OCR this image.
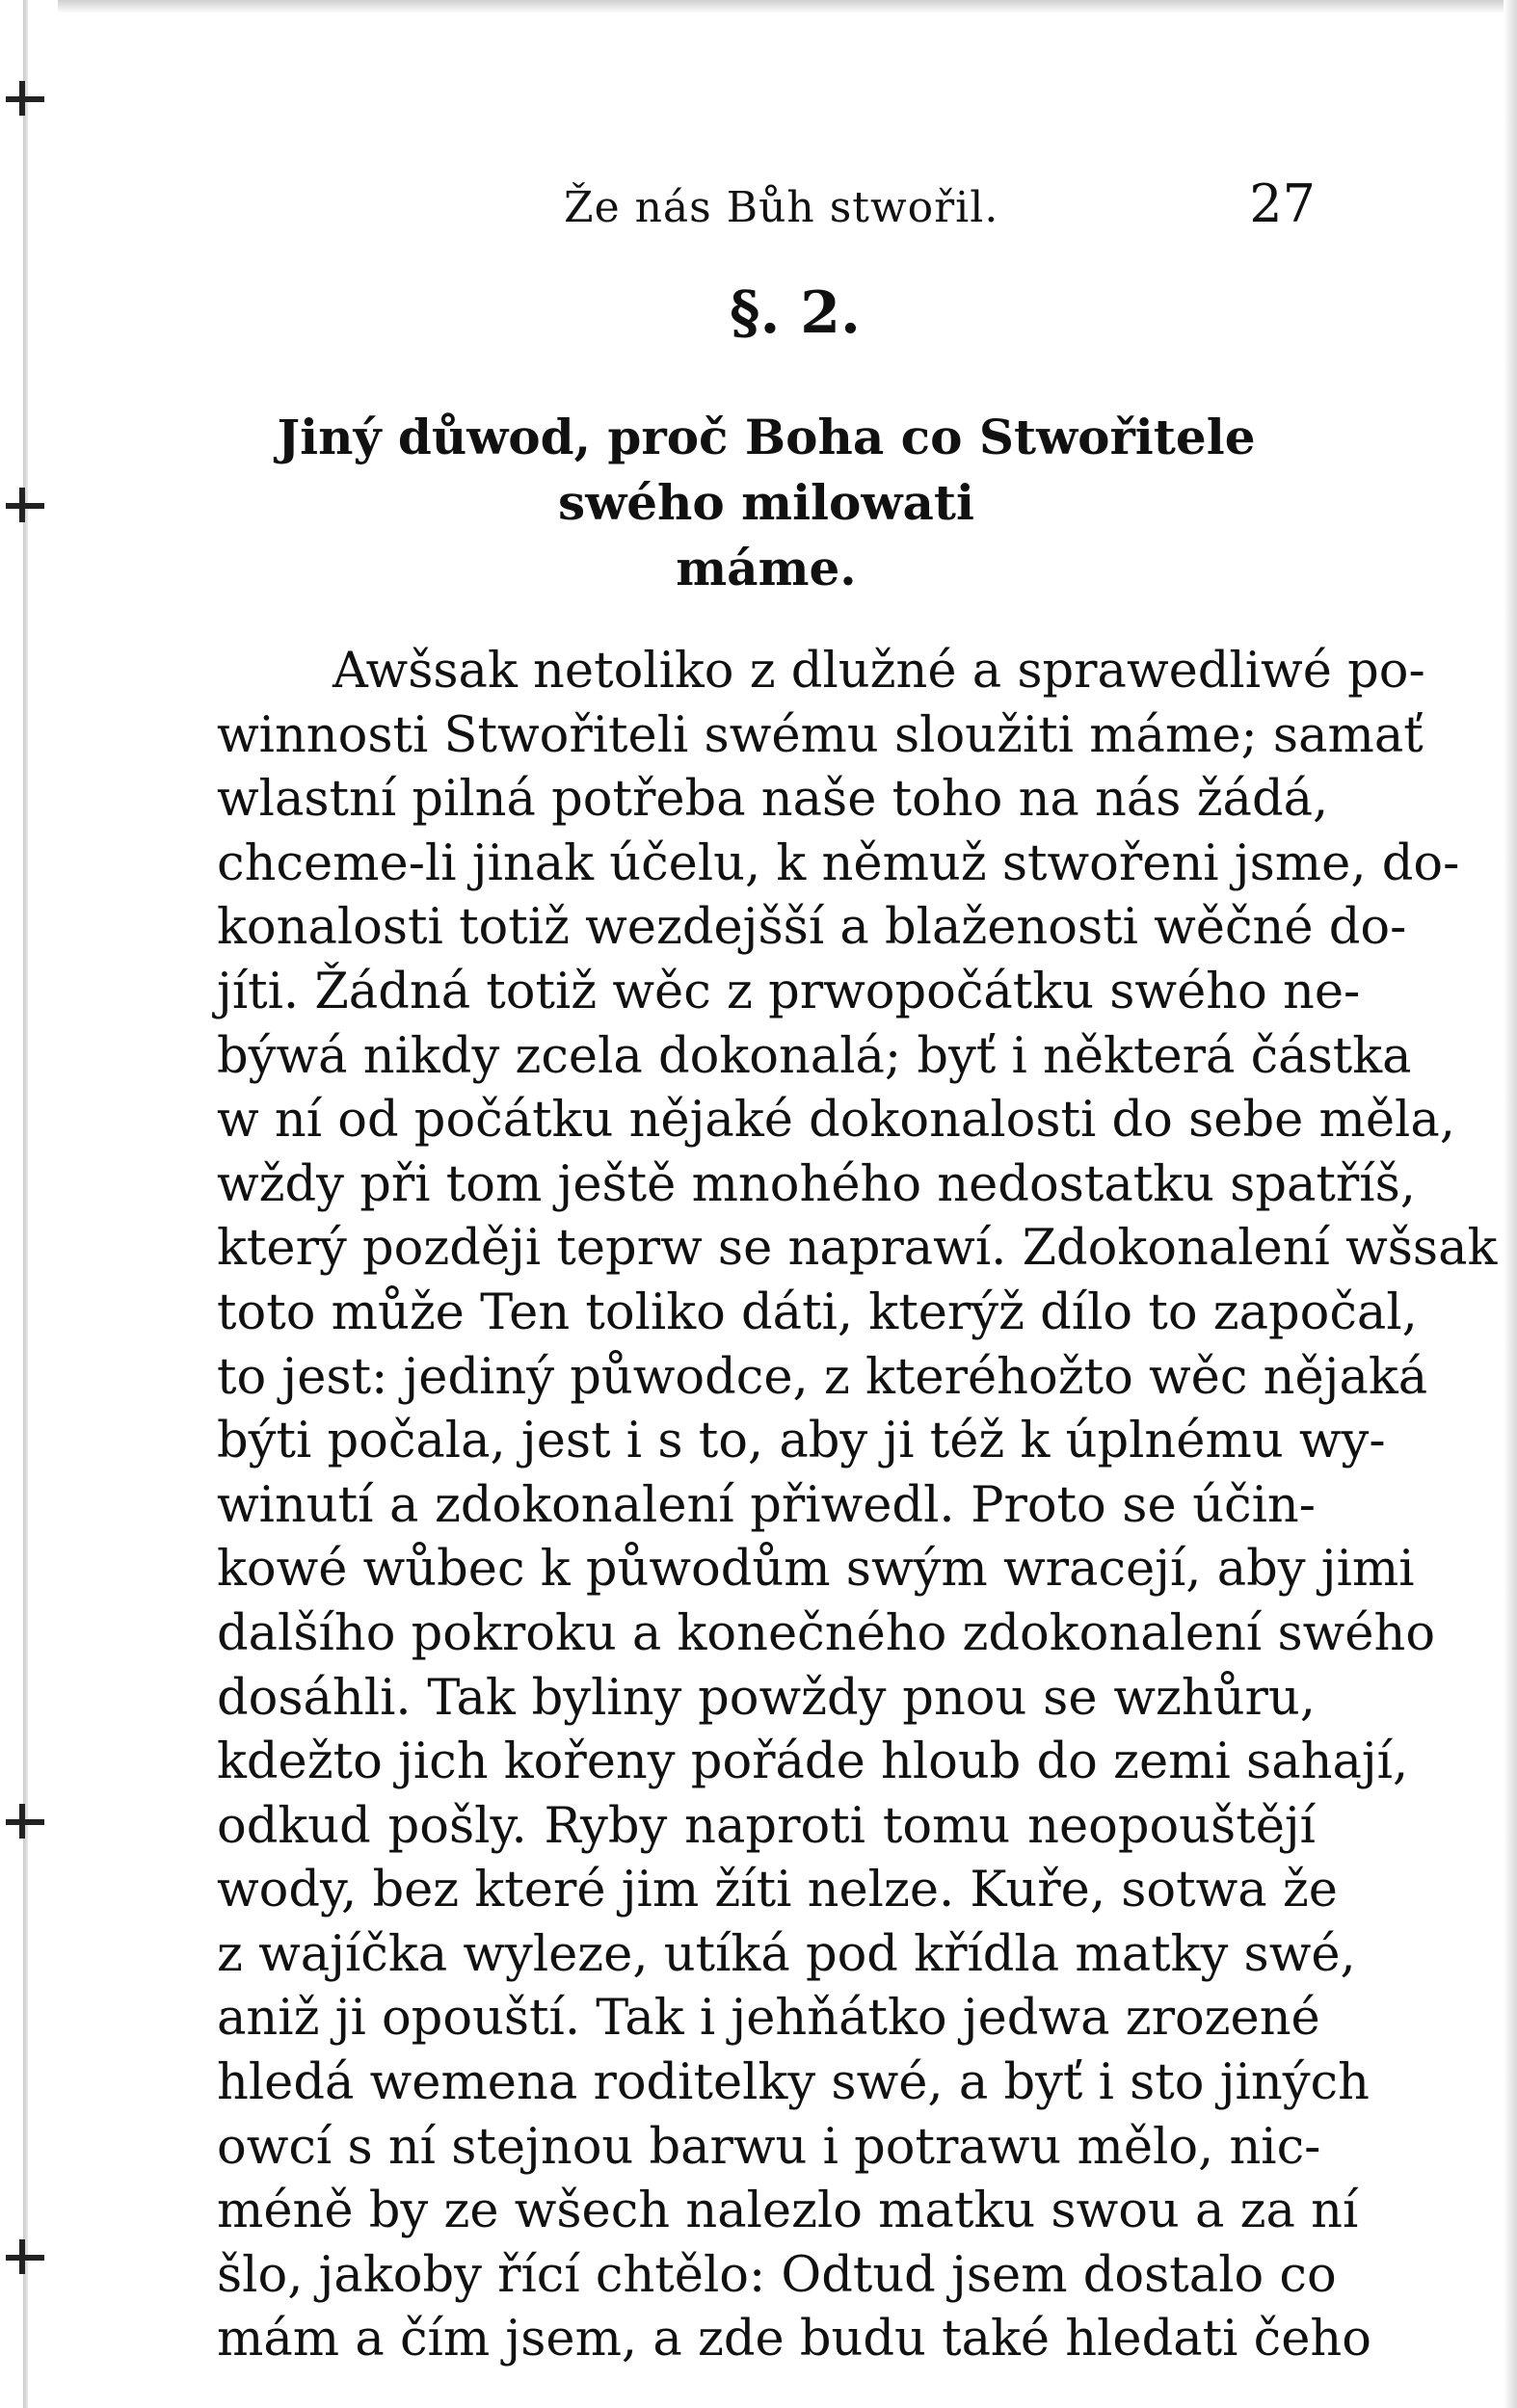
Že nás Bůh stwořil.	27
§. 2.
Jiný důwod, proč Boha co Stwořitele swého milowati
máme.
Awšsak netoliko z dlužné a sprawedliwé po-
winnosti Stwořiteli swému sloužiti máme; samať
wlastní pilná potřeba naše toho na nás žádá,
chceme-li jinak účelu, k němuž stwořeni jsme, do-
konalosti totiž wezdejšší a blaženosti wěčné do-
jíti. Žádná totiž wěc z prwopočátku swého ne-
býwá nikdy zcela dokonalá; byť i některá částka
w ní od počátku nějaké dokonalosti do sebe měla,
wždy při tom ještě mnohého nedostatku spatříš,
který později teprw se naprawí. Zdokonalení wšsak
toto může Ten toliko dáti, kterýž dílo to započal,
to jest: jediný půwodce, z kteréhožto wěc nějaká
býti počala, jest i s to, aby ji též k úplnému wy-
winutí a zdokonalení přiwedl. Proto se účin-
kowé wůbec k půwodům swým wracejí, aby jimi
dalšího pokroku a konečného zdokonalení swého
dosáhli. Tak byliny powždy pnou se wzhůru,
kdežto jich kořeny pořáde hloub do zemi sahají,
odkud pošly. Ryby naproti tomu neopouštějí
wody, bez které jim žíti nelze. Kuře, sotwa že
z wajíčka wyleze, utíká pod křídla matky swé,
aniž ji opouští. Tak i jehňátko jedwa zrozené
hledá wemena roditelky swé, a byť i sto jiných
owcí s ní stejnou barwu i potrawu mělo, nic-
méně by ze wšech nalezlo matku swou a za ní
šlo, jakoby řící chtělo: Odtud jsem dostalo co
mám a čím jsem, a zde budu také hledati čeho
